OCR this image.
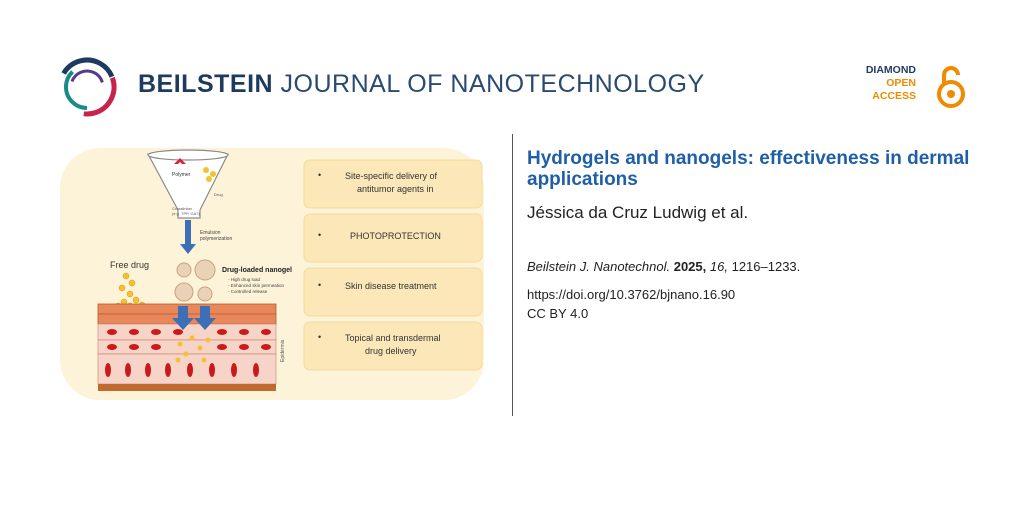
BEILSTEIN JOURNAL OF NANOTECHNOLOGY	DIAMOND
OPEN
ACCESS
Polymer
Drug
Crosslinker
(e.g. TPP, GA?)
Emulsion
polymerization
Free drug
Drug-loaded nanogel
- High drug load
- Enhanced skin permeation
- Controlled release
Epidermis
•	Site-specific delivery of
antitumor agents in
•	PHOTOPROTECTION
•	Skin disease treatment
•	Topical and transdermal
drug delivery
Hydrogels and nanogels: effectiveness in dermal applications
Jéssica da Cruz Ludwig et al.
Beilstein J. Nanotechnol. 2025, 16, 1216–1233.
https://doi.org/10.3762/bjnano.16.90
CC BY 4.0
